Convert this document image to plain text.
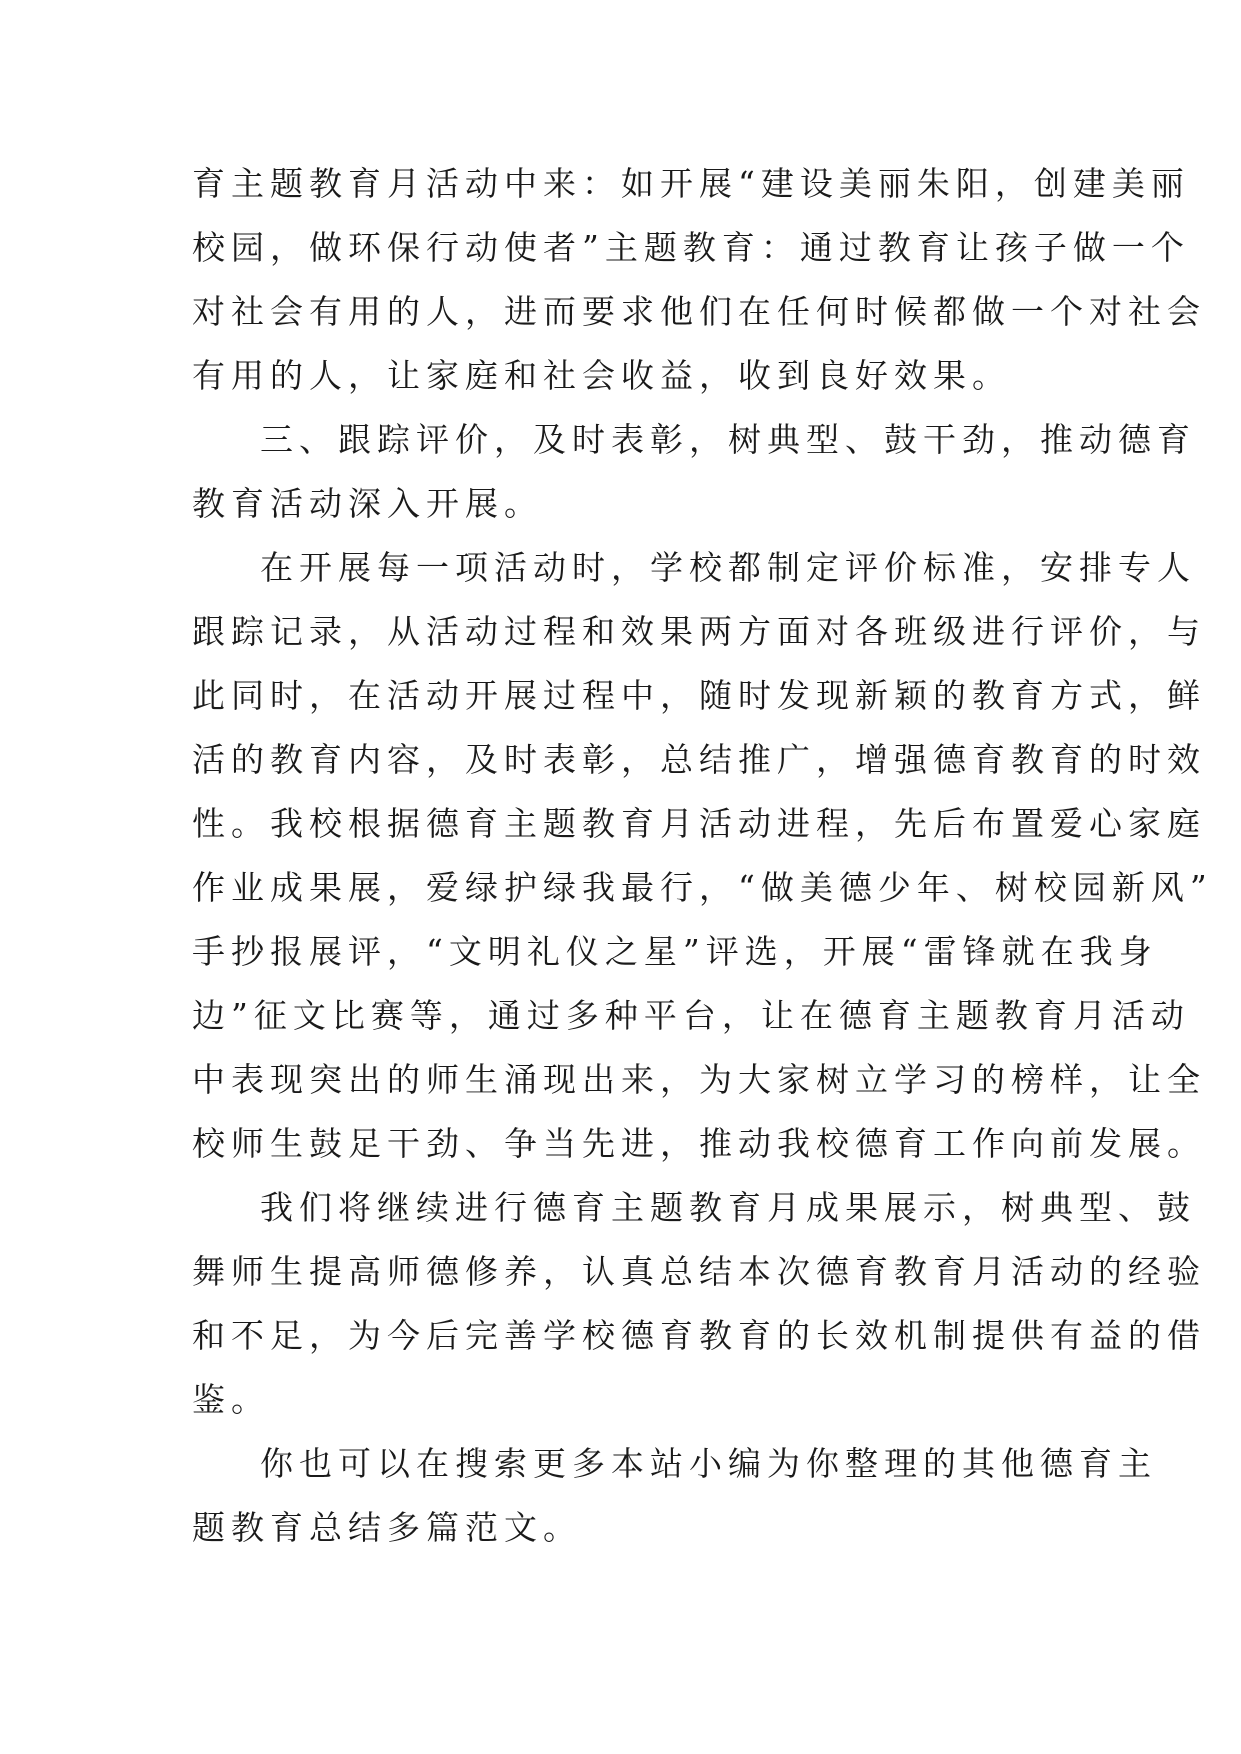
育主题教育月活动中来：如开展“建设美丽朱阳，创建美丽
校园，做环保行动使者”主题教育：通过教育让孩子做一个
对社会有用的人，进而要求他们在任何时候都做一个对社会
有用的人，让家庭和社会收益，收到良好效果。
三、跟踪评价，及时表彰，树典型、鼓干劲，推动德育
教育活动深入开展。
在开展每一项活动时，学校都制定评价标准，安排专人
跟踪记录，从活动过程和效果两方面对各班级进行评价，与
此同时，在活动开展过程中，随时发现新颖的教育方式，鲜
活的教育内容，及时表彰，总结推广，增强德育教育的时效
性。我校根据德育主题教育月活动进程，先后布置爱心家庭
作业成果展，爱绿护绿我最行，“做美德少年、树校园新风”
手抄报展评，“文明礼仪之星”评选，开展“雷锋就在我身
边”征文比赛等，通过多种平台，让在德育主题教育月活动
中表现突出的师生涌现出来，为大家树立学习的榜样，让全
校师生鼓足干劲、争当先进，推动我校德育工作向前发展。
我们将继续进行德育主题教育月成果展示，树典型、鼓
舞师生提高师德修养，认真总结本次德育教育月活动的经验
和不足，为今后完善学校德育教育的长效机制提供有益的借
鉴。
你也可以在搜索更多本站小编为你整理的其他德育主
题教育总结多篇范文。
